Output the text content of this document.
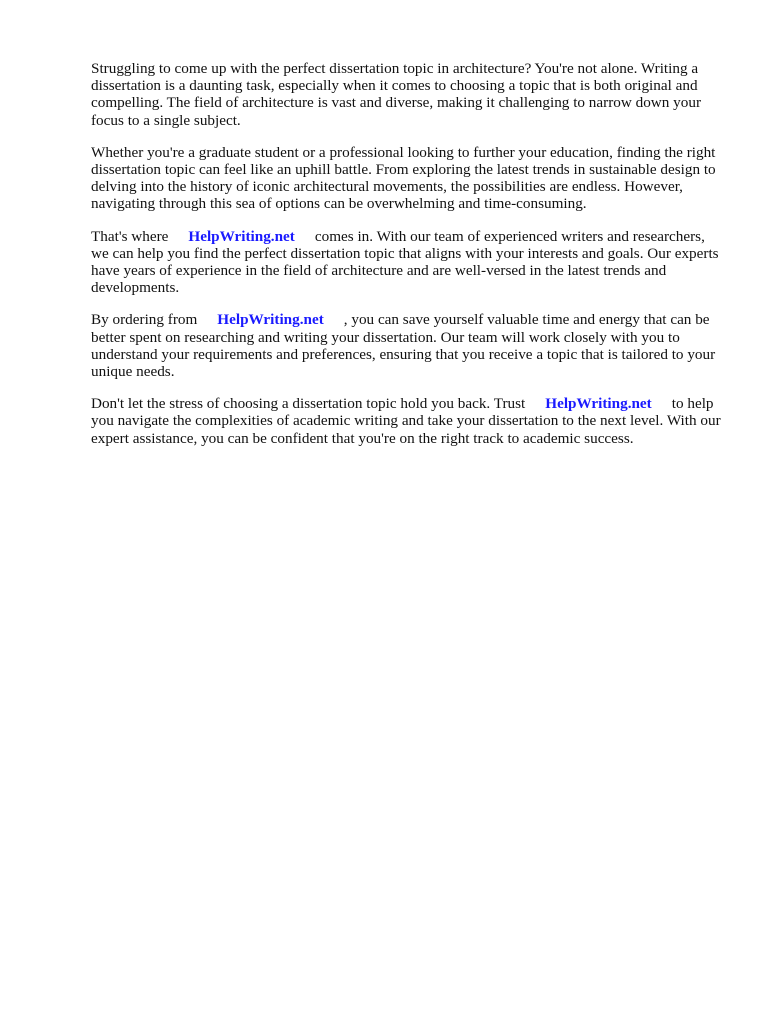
Struggling to come up with the perfect dissertation topic in architecture? You're not alone. Writing a dissertation is a daunting task, especially when it comes to choosing a topic that is both original and compelling. The field of architecture is vast and diverse, making it challenging to narrow down your focus to a single subject.

Whether you're a graduate student or a professional looking to further your education, finding the right dissertation topic can feel like an uphill battle. From exploring the latest trends in sustainable design to delving into the history of iconic architectural movements, the possibilities are endless. However, navigating through this sea of options can be overwhelming and time-consuming.

That's where HelpWriting.net comes in. With our team of experienced writers and researchers, we can help you find the perfect dissertation topic that aligns with your interests and goals. Our experts have years of experience in the field of architecture and are well-versed in the latest trends and developments.

By ordering from HelpWriting.net , you can save yourself valuable time and energy that can be better spent on researching and writing your dissertation. Our team will work closely with you to understand your requirements and preferences, ensuring that you receive a topic that is tailored to your unique needs.

Don't let the stress of choosing a dissertation topic hold you back. Trust HelpWriting.net to help you navigate the complexities of academic writing and take your dissertation to the next level. With our expert assistance, you can be confident that you're on the right track to academic success.
